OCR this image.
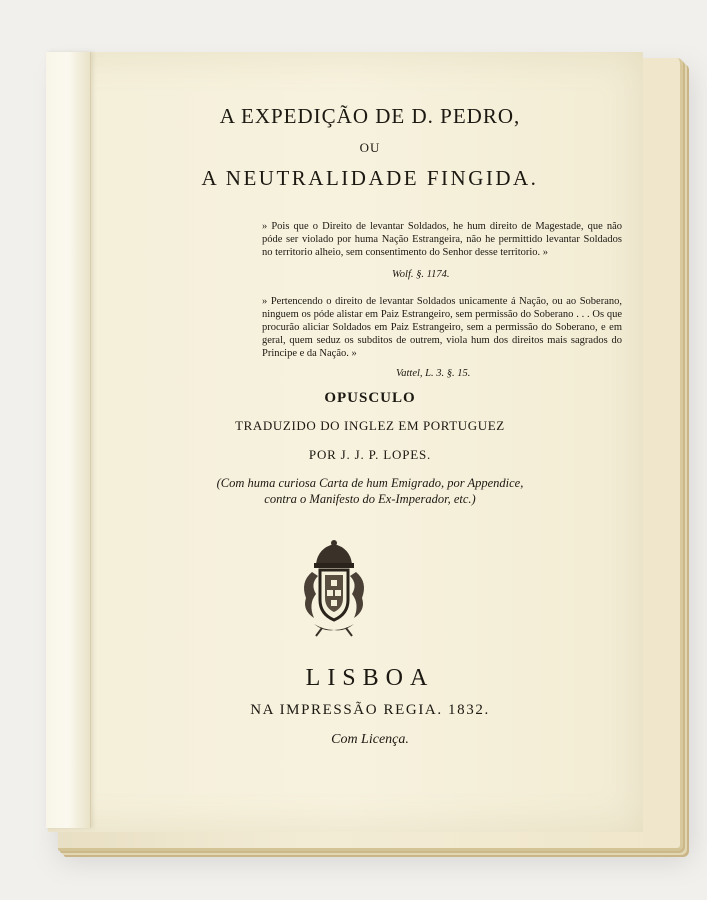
A EXPEDIÇÃO DE D. PEDRO,
OU
A NEUTRALIDADE FINGIDA.
» Pois que o Direito de levantar Soldados, he hum direito de Magestade, que não póde ser violado por huma Nação Estrangeira, não he permittido levantar Soldados no territorio alheio, sem consentimento do Senhor desse territorio. »
Wolf. §. 1174.
» Pertencendo o direito de levantar Soldados unicamente á Nação, ou ao Soberano, ninguem os póde alistar em Paiz Estrangeiro, sem permissão do Soberano . . . Os que procurão aliciar Soldados em Paiz Estrangeiro, sem a permissão do Soberano, e em geral, quem seduz os subditos de outrem, viola hum dos direitos mais sagrados do Principe e da Nação. »
Vattel, L. 3. §. 15.
OPUSCULO
TRADUZIDO DO INGLEZ EM PORTUGUEZ
POR J. J. P. LOPES.
(Com huma curiosa Carta de hum Emigrado, por Appendice,
contra o Manifesto do Ex-Imperador, etc.)
LISBOA
NA IMPRESSÃO REGIA. 1832.
Com Licença.
